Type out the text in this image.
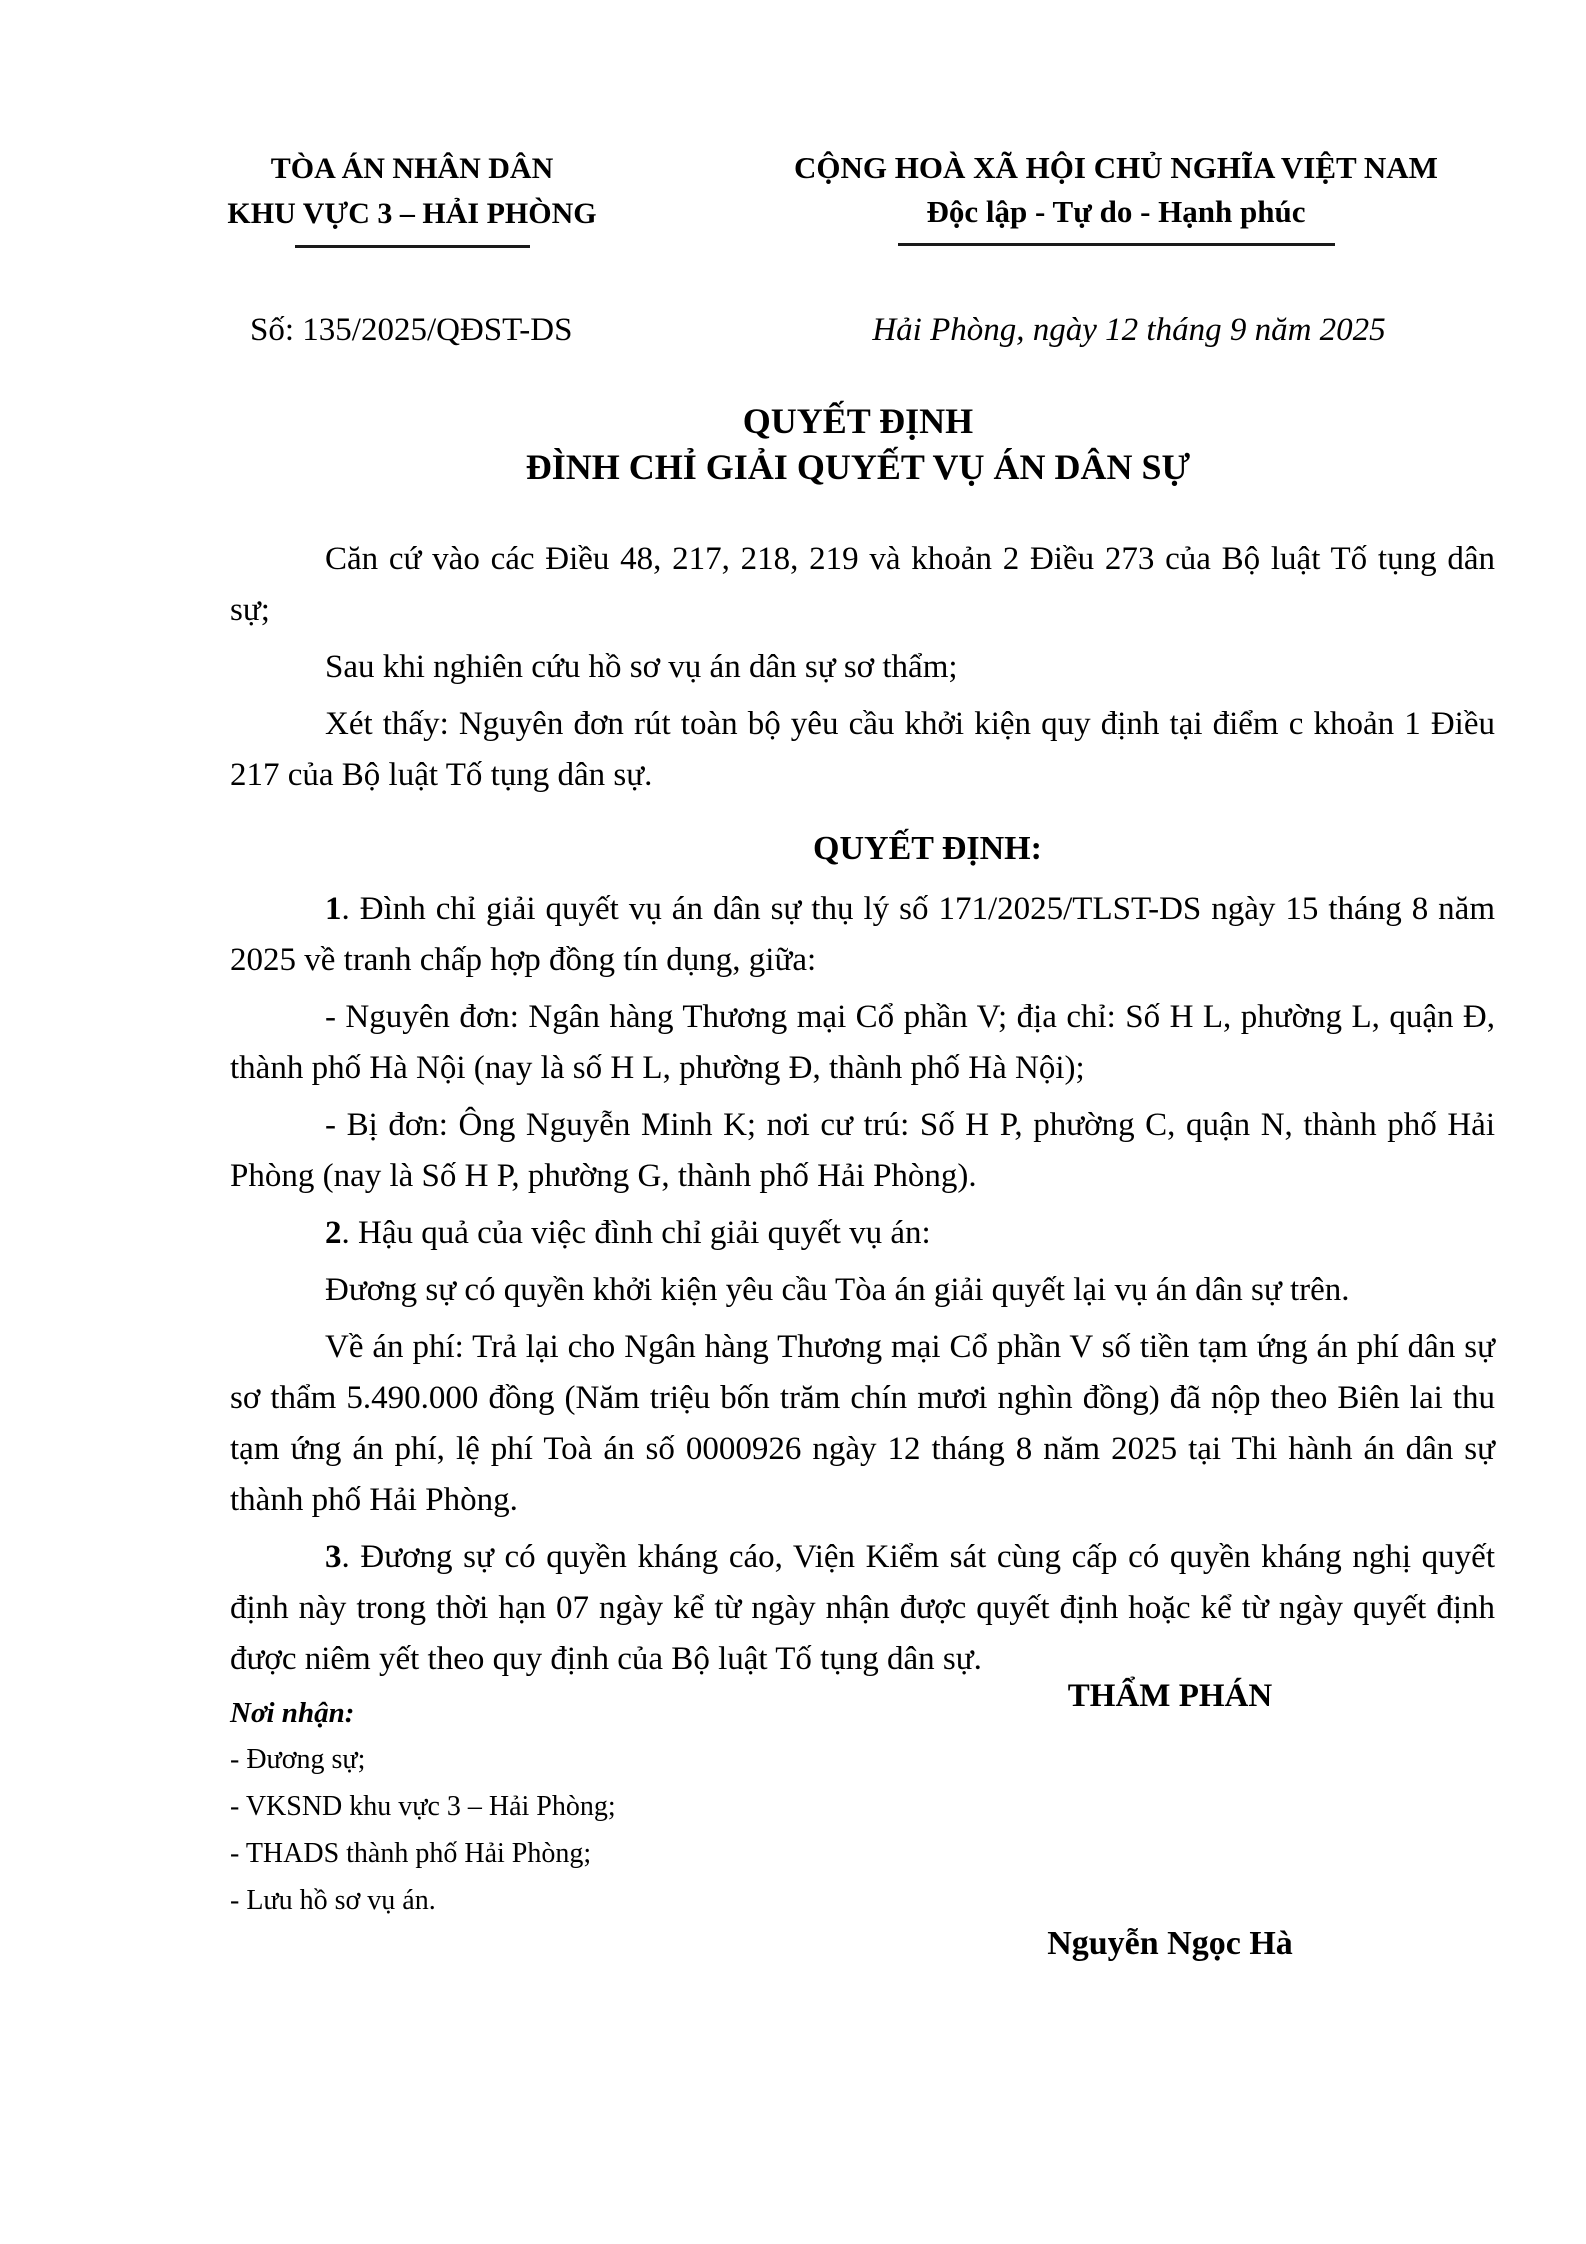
TÒA ÁN NHÂN DÂN
KHU VỰC 3 – HẢI PHÒNG
CỘNG HOÀ XÃ HỘI CHỦ NGHĨA VIỆT NAM
Độc lập - Tự do - Hạnh phúc
Số: 135/2025/QĐST-DS	Hải Phòng, ngày 12 tháng 9 năm 2025
QUYẾT ĐỊNH
ĐÌNH CHỈ GIẢI QUYẾT VỤ ÁN DÂN SỰ

Căn cứ vào các Điều 48, 217, 218, 219 và khoản 2 Điều 273 của Bộ luật Tố tụng dân sự;

Sau khi nghiên cứu hồ sơ vụ án dân sự sơ thẩm;

Xét thấy: Nguyên đơn rút toàn bộ yêu cầu khởi kiện quy định tại điểm c khoản 1 Điều 217 của Bộ luật Tố tụng dân sự.

QUYẾT ĐỊNH:

1. Đình chỉ giải quyết vụ án dân sự thụ lý số 171/2025/TLST-DS ngày 15 tháng 8 năm 2025 về tranh chấp hợp đồng tín dụng, giữa:

- Nguyên đơn: Ngân hàng Thương mại Cổ phần V; địa chỉ: Số H L, phường L, quận Đ, thành phố Hà Nội (nay là số H L, phường Đ, thành phố Hà Nội);

- Bị đơn: Ông Nguyễn Minh K; nơi cư trú: Số H P, phường C, quận N, thành phố Hải Phòng (nay là Số H P, phường G, thành phố Hải Phòng).

2. Hậu quả của việc đình chỉ giải quyết vụ án:

Đương sự có quyền khởi kiện yêu cầu Tòa án giải quyết lại vụ án dân sự trên.

Về án phí: Trả lại cho Ngân hàng Thương mại Cổ phần V số tiền tạm ứng án phí dân sự sơ thẩm 5.490.000 đồng (Năm triệu bốn trăm chín mươi nghìn đồng) đã nộp theo Biên lai thu tạm ứng án phí, lệ phí Toà án số 0000926 ngày 12 tháng 8 năm 2025 tại Thi hành án dân sự thành phố Hải Phòng.

3. Đương sự có quyền kháng cáo, Viện Kiểm sát cùng cấp có quyền kháng nghị quyết định này trong thời hạn 07 ngày kể từ ngày nhận được quyết định hoặc kể từ ngày quyết định được niêm yết theo quy định của Bộ luật Tố tụng dân sự.

Nơi nhận:
- Đương sự;
- VKSND khu vực 3 – Hải Phòng;
- THADS thành phố Hải Phòng;
- Lưu hồ sơ vụ án.
THẨM PHÁN
Nguyễn Ngọc Hà
